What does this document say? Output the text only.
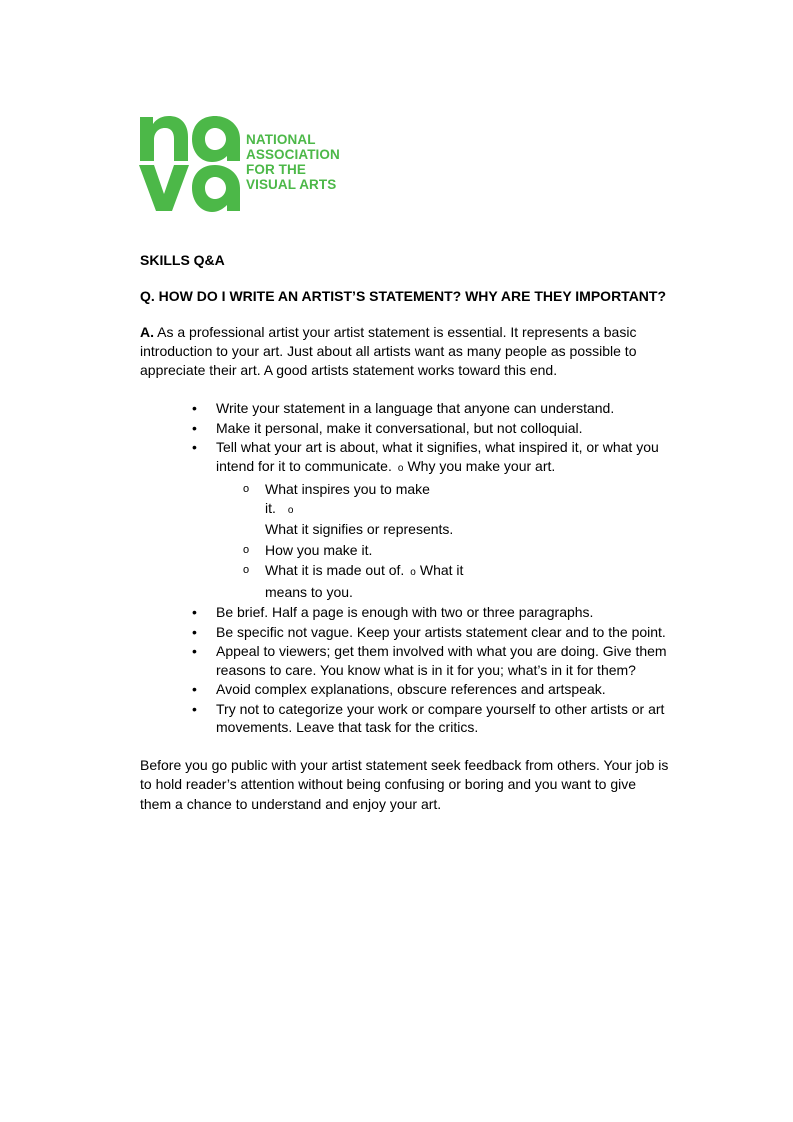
NATIONAL
ASSOCIATION
FOR THE
VISUAL ARTS

SKILLS Q&A

Q. HOW DO I WRITE AN ARTIST’S STATEMENT? WHY ARE THEY IMPORTANT?

A. As a professional artist your artist statement is essential. It represents a basic introduction to your art. Just about all artists want as many people as possible to appreciate their art. A good artists statement works toward this end.

• Write your statement in a language that anyone can understand.
• Make it personal, make it conversational, but not colloquial.
• Tell what your art is about, what it signifies, what inspired it, or what you intend for it to communicate. o Why you make your art.
o What inspires you to make it. o
What it signifies or represents.
o How you make it.
o What it is made out of. o What it means to you.
• Be brief. Half a page is enough with two or three paragraphs.
• Be specific not vague. Keep your artists statement clear and to the point.
• Appeal to viewers; get them involved with what you are doing. Give them reasons to care. You know what is in it for you; what’s in it for them?
• Avoid complex explanations, obscure references and artspeak.
• Try not to categorize your work or compare yourself to other artists or art movements. Leave that task for the critics.

Before you go public with your artist statement seek feedback from others. Your job is to hold reader’s attention without being confusing or boring and you want to give them a chance to understand and enjoy your art.
